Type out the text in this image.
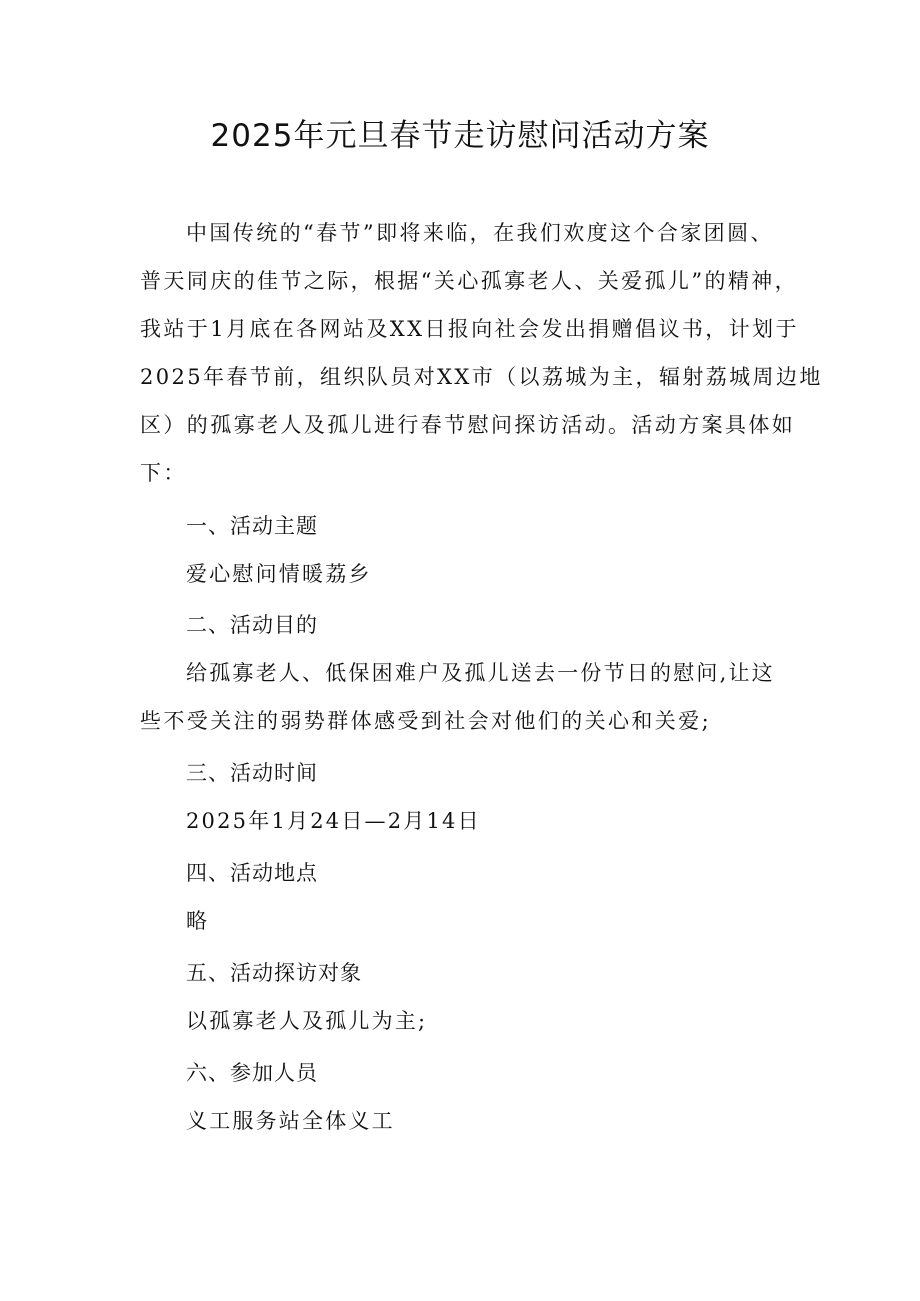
2025年元旦春节走访慰问活动方案
中国传统的“春节”即将来临，在我们欢度这个合家团圆、
普天同庆的佳节之际，根据“关心孤寡老人、关爱孤儿”的精神，
我站于1月底在各网站及XX日报向社会发出捐赠倡议书，计划于
2025年春节前，组织队员对XX市（以荔城为主，辐射荔城周边地
区）的孤寡老人及孤儿进行春节慰问探访活动。活动方案具体如
下：
一、活动主题
爱心慰问情暖荔乡
二、活动目的
给孤寡老人、低保困难户及孤儿送去一份节日的慰问,让这
些不受关注的弱势群体感受到社会对他们的关心和关爱;
三、活动时间
2025年1月24日—2月14日
四、活动地点
略
五、活动探访对象
以孤寡老人及孤儿为主;
六、参加人员
义工服务站全体义工
